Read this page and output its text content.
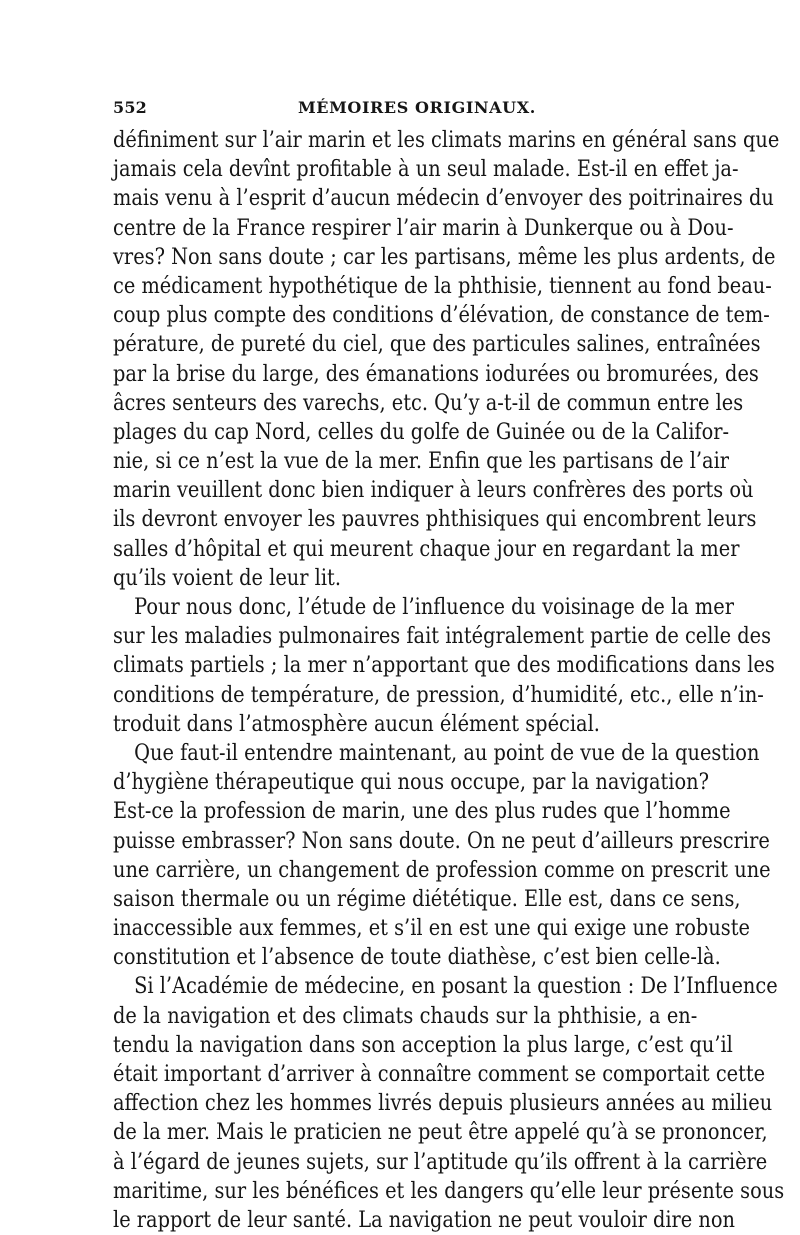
552	MÉMOIRES ORIGINAUX.
définiment sur l’air marin et les climats marins en général sans que
jamais cela devînt profitable à un seul malade. Est-il en effet ja-
mais venu à l’esprit d’aucun médecin d’envoyer des poitrinaires du
centre de la France respirer l’air marin à Dunkerque ou à Dou-
vres? Non sans doute ; car les partisans, même les plus ardents, de
ce médicament hypothétique de la phthisie, tiennent au fond beau-
coup plus compte des conditions d’élévation, de constance de tem-
pérature, de pureté du ciel, que des particules salines, entraînées
par la brise du large, des émanations iodurées ou bromurées, des
âcres senteurs des varechs, etc. Qu’y a-t-il de commun entre les
plages du cap Nord, celles du golfe de Guinée ou de la Califor-
nie, si ce n’est la vue de la mer. Enfin que les partisans de l’air
marin veuillent donc bien indiquer à leurs confrères des ports où
ils devront envoyer les pauvres phthisiques qui encombrent leurs
salles d’hôpital et qui meurent chaque jour en regardant la mer
qu’ils voient de leur lit.
Pour nous donc, l’étude de l’influence du voisinage de la mer
sur les maladies pulmonaires fait intégralement partie de celle des
climats partiels ; la mer n’apportant que des modifications dans les
conditions de température, de pression, d’humidité, etc., elle n’in-
troduit dans l’atmosphère aucun élément spécial.
Que faut-il entendre maintenant, au point de vue de la question
d’hygiène thérapeutique qui nous occupe, par la navigation?
Est-ce la profession de marin, une des plus rudes que l’homme
puisse embrasser? Non sans doute. On ne peut d’ailleurs prescrire
une carrière, un changement de profession comme on prescrit une
saison thermale ou un régime diététique. Elle est, dans ce sens,
inaccessible aux femmes, et s’il en est une qui exige une robuste
constitution et l’absence de toute diathèse, c’est bien celle-là.
Si l’Académie de médecine, en posant la question : De l’Influence
de la navigation et des climats chauds sur la phthisie, a en-
tendu la navigation dans son acception la plus large, c’est qu’il
était important d’arriver à connaître comment se comportait cette
affection chez les hommes livrés depuis plusieurs années au milieu
de la mer. Mais le praticien ne peut être appelé qu’à se prononcer,
à l’égard de jeunes sujets, sur l’aptitude qu’ils offrent à la carrière
maritime, sur les bénéfices et les dangers qu’elle leur présente sous
le rapport de leur santé. La navigation ne peut vouloir dire non
